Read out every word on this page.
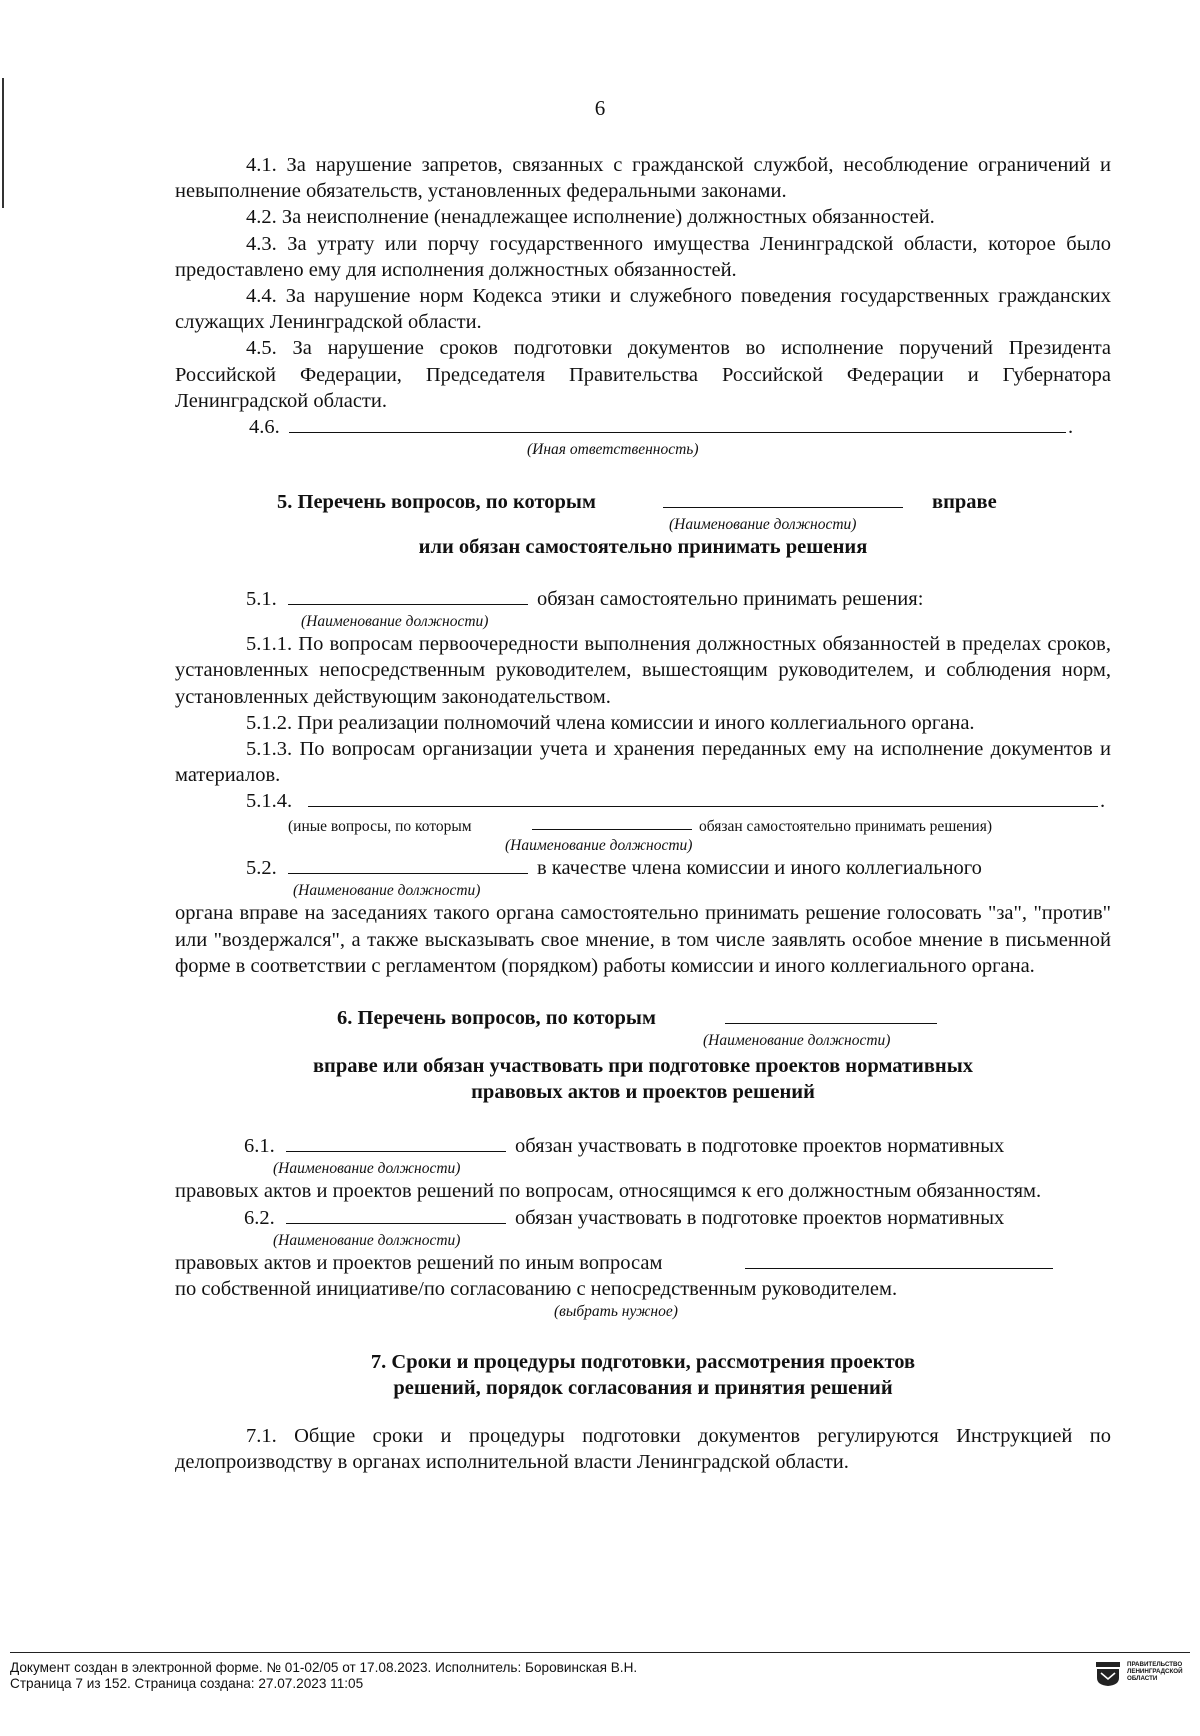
6

4.1. За нарушение запретов, связанных с гражданской службой, несоблюдение ограничений и невыполнение обязательств, установленных федеральными законами.

4.2. За неисполнение (ненадлежащее исполнение) должностных обязанностей.

4.3. За утрату или порчу государственного имущества Ленинградской области, которое было предоставлено ему для исполнения должностных обязанностей.

4.4. За нарушение норм Кодекса этики и служебного поведения государственных гражданских служащих Ленинградской области.

4.5. За нарушение сроков подготовки документов во исполнение поручений Президента Российской Федерации, Председателя Правительства Российской Федерации и Губернатора Ленинградской области.

4.6.	.
(Иная ответственность)
5. Перечень вопросов, по которым	вправе
(Наименование должности)

или обязан самостоятельно принимать решения

5.1.	обязан самостоятельно принимать решения:
(Наименование должности)

5.1.1. По вопросам первоочередности выполнения должностных обязанностей в пределах сроков, установленных непосредственным руководителем, вышестоящим руководителем, и соблюдения норм, установленных действующим законодательством.

5.1.2. При реализации полномочий члена комиссии и иного коллегиального органа.

5.1.3. По вопросам организации учета и хранения переданных ему на исполнение документов и материалов.

5.1.4.	.
(иные вопросы, по которым	обязан самостоятельно принимать решения)
(Наименование должности)
5.2.	в качестве члена комиссии и иного коллегиального
(Наименование должности)

органа вправе на заседаниях такого органа самостоятельно принимать решение голосовать "за", "против" или "воздержался", а также высказывать свое мнение, в том числе заявлять особое мнение в письменной форме в соответствии с регламентом (порядком) работы комиссии и иного коллегиального органа.

6. Перечень вопросов, по которым
(Наименование должности)

вправе или обязан участвовать при подготовке проектов нормативных

правовых актов и проектов решений

6.1.	обязан участвовать в подготовке проектов нормативных
(Наименование должности)

правовых актов и проектов решений по вопросам, относящимся к его должностным обязанностям.

6.2.	обязан участвовать в подготовке проектов нормативных
(Наименование должности)
правовых актов и проектов решений по иным вопросам

по собственной инициативе/по согласованию с непосредственным руководителем.

(выбрать нужное)

7. Сроки и процедуры подготовки, рассмотрения проектов

решений, порядок согласования и принятия решений

7.1. Общие сроки и процедуры подготовки документов регулируются Инструкцией по делопроизводству в органах исполнительной власти Ленинградской области.

Документ создан в электронной форме. № 01-02/05 от 17.08.2023. Исполнитель: Боровинская В.Н.
Страница 7 из 152. Страница создана: 27.07.2023 11:05
ПРАВИТЕЛЬСТВО ЛЕНИНГРАДСКОЙ ОБЛАСТИ
